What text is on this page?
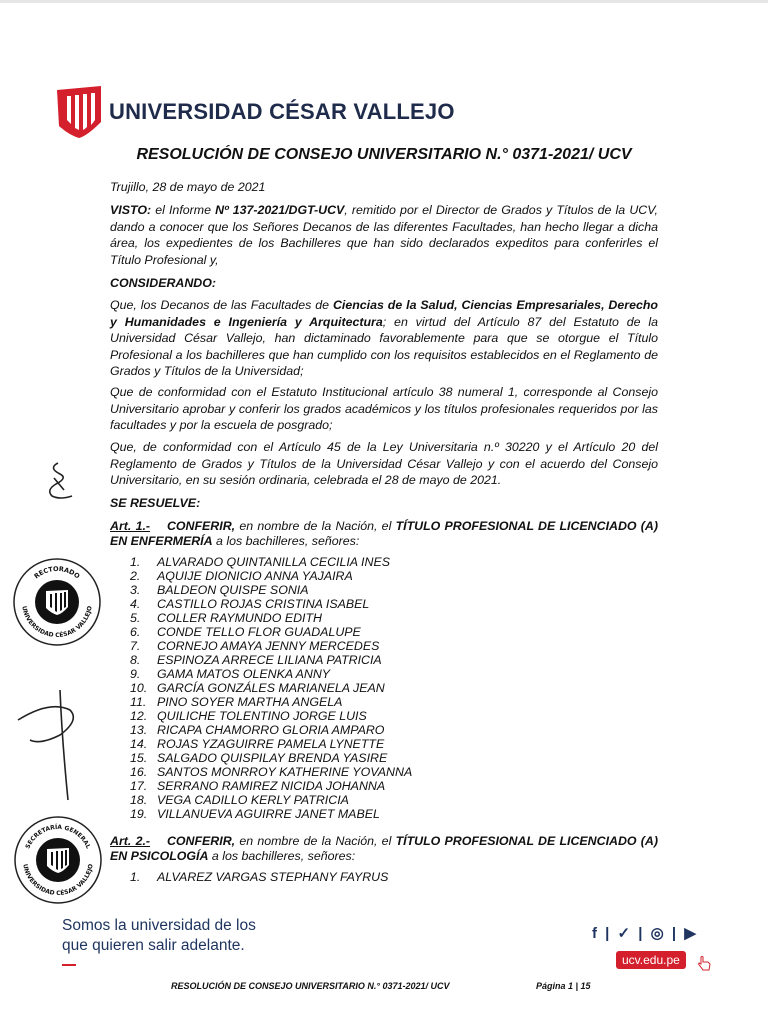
UNIVERSIDAD CÉSAR VALLEJO
RESOLUCIÓN DE CONSEJO UNIVERSITARIO N.° 0371-2021/ UCV
Trujillo, 28 de mayo de 2021
VISTO: el Informe Nº 137-2021/DGT-UCV, remitido por el Director de Grados y Títulos de la UCV, dando a conocer que los Señores Decanos de las diferentes Facultades, han hecho llegar a dicha área, los expedientes de los Bachilleres que han sido declarados expeditos para conferirles el Título Profesional y,
CONSIDERANDO:
Que, los Decanos de las Facultades de Ciencias de la Salud, Ciencias Empresariales, Derecho y Humanidades e Ingeniería y Arquitectura; en virtud del Artículo 87 del Estatuto de la Universidad César Vallejo, han dictaminado favorablemente para que se otorgue el Título Profesional a los bachilleres que han cumplido con los requisitos establecidos en el Reglamento de Grados y Títulos de la Universidad;
Que de conformidad con el Estatuto Institucional artículo 38 numeral 1, corresponde al Consejo Universitario aprobar y conferir los grados académicos y los títulos profesionales requeridos por las facultades y por la escuela de posgrado;
Que, de conformidad con el Artículo 45 de la Ley Universitaria n.º 30220 y el Artículo 20 del Reglamento de Grados y Títulos de la Universidad César Vallejo y con el acuerdo del Consejo Universitario, en su sesión ordinaria, celebrada el 28 de mayo de 2021.
SE RESUELVE:
Art. 1.- CONFERIR, en nombre de la Nación, el TÍTULO PROFESIONAL DE LICENCIADO (A) EN ENFERMERÍA a los bachilleres, señores:
1. ALVARADO QUINTANILLA CECILIA INES
2. AQUIJE DIONICIO ANNA YAJAIRA
3. BALDEON QUISPE SONIA
4. CASTILLO ROJAS CRISTINA ISABEL
5. COLLER RAYMUNDO EDITH
6. CONDE TELLO FLOR GUADALUPE
7. CORNEJO AMAYA JENNY MERCEDES
8. ESPINOZA ARRECE LILIANA PATRICIA
9. GAMA MATOS OLENKA ANNY
10. GARCÍA GONZÁLES MARIANELA JEAN
11. PINO SOYER MARTHA ANGELA
12. QUILICHE TOLENTINO JORGE LUIS
13. RICAPA CHAMORRO GLORIA AMPARO
14. ROJAS YZAGUIRRE PAMELA LYNETTE
15. SALGADO QUISPILAY BRENDA YASIRE
16. SANTOS MONRROY KATHERINE YOVANNA
17. SERRANO RAMIREZ NICIDA JOHANNA
18. VEGA CADILLO KERLY PATRICIA
19. VILLANUEVA AGUIRRE JANET MABEL
Art. 2.- CONFERIR, en nombre de la Nación, el TÍTULO PROFESIONAL DE LICENCIADO (A) EN PSICOLOGÍA a los bachilleres, señores:
1. ALVAREZ VARGAS STEPHANY FAYRUS
RECTORADO
UNIVERSIDAD CÉSAR VALLEJO
SECRETARÍA GENERAL
UNIVERSIDAD CÉSAR VALLEJO
Somos la universidad de los
que quieren salir adelante.
f | ✓ | ◎ | ▶
ucv.edu.pe
RESOLUCIÓN DE CONSEJO UNIVERSITARIO N.° 0371-2021/ UCV	Página 1 | 15
